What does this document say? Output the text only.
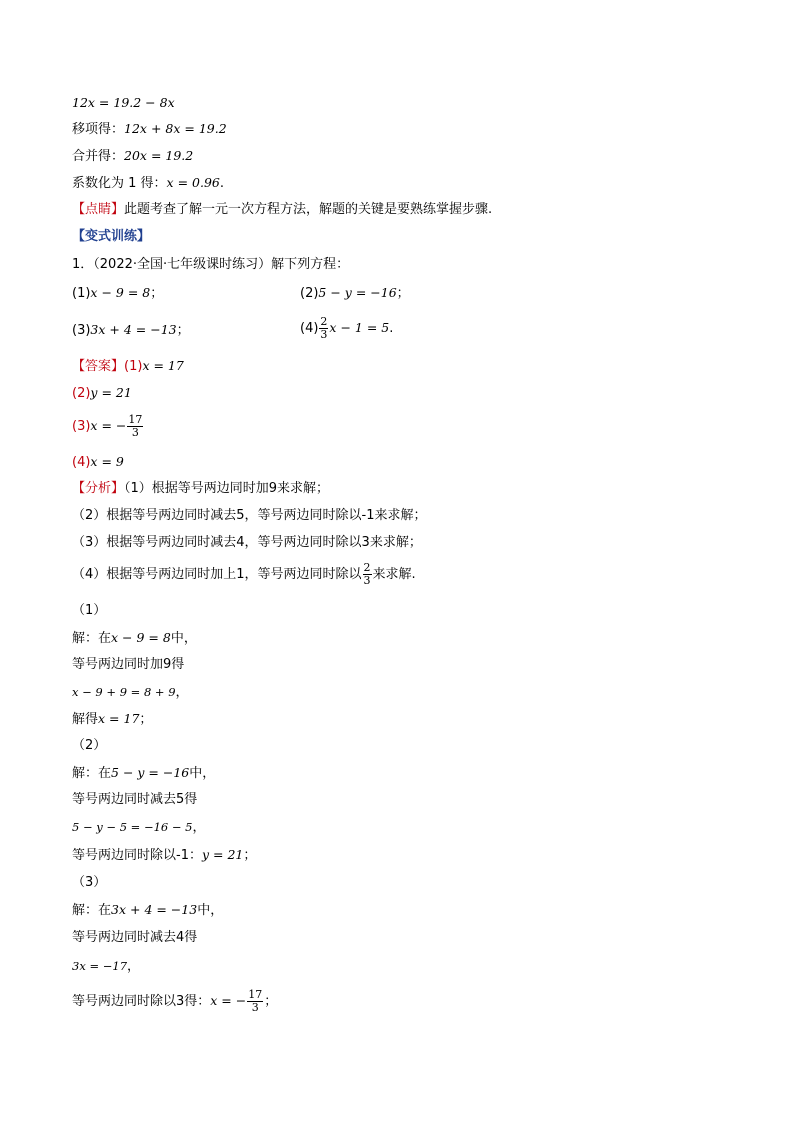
12x = 19.2 − 8x
移项得：12x + 8x = 19.2
合并得：20x = 19.2
系数化为 1 得：x = 0.96.
【点睛】此题考查了解一元一次方程方法，解题的关键是要熟练掌握步骤.
【变式训练】
1．（2022·全国·七年级课时练习）解下列方程：
(1)x − 9 = 8；	(2)5 − y = −16；
(3)3x + 4 = −13；	$(4) \frac{2}{3}$ x − 1 = 5.
【答案】(1)x = 17
(2)y = 21
(3)x = − $\frac{17}{3}$
(4)x = 9
【分析】（1）根据等号两边同时加9来求解；
（2）根据等号两边同时减去5，等号两边同时除以-1来求解；
（3）根据等号两边同时减去4，等号两边同时除以3来求解；
（4）根据等号两边同时加上1，等号两边同时除以 $\frac{2}{3}$ 来求解.
（1）
解：在x − 9 = 8中，
等号两边同时加9得
x − 9 + 9 = 8 + 9，
解得x = 17；
（2）
解：在5 − y = −16中，
等号两边同时减去5得
5 − y − 5 = −16 − 5，
等号两边同时除以-1：y = 21；
（3）
解：在3x + 4 = −13中，
等号两边同时减去4得
3x = −17，
等号两边同时除以3得：x = − $\frac{17}{3}$ ；
